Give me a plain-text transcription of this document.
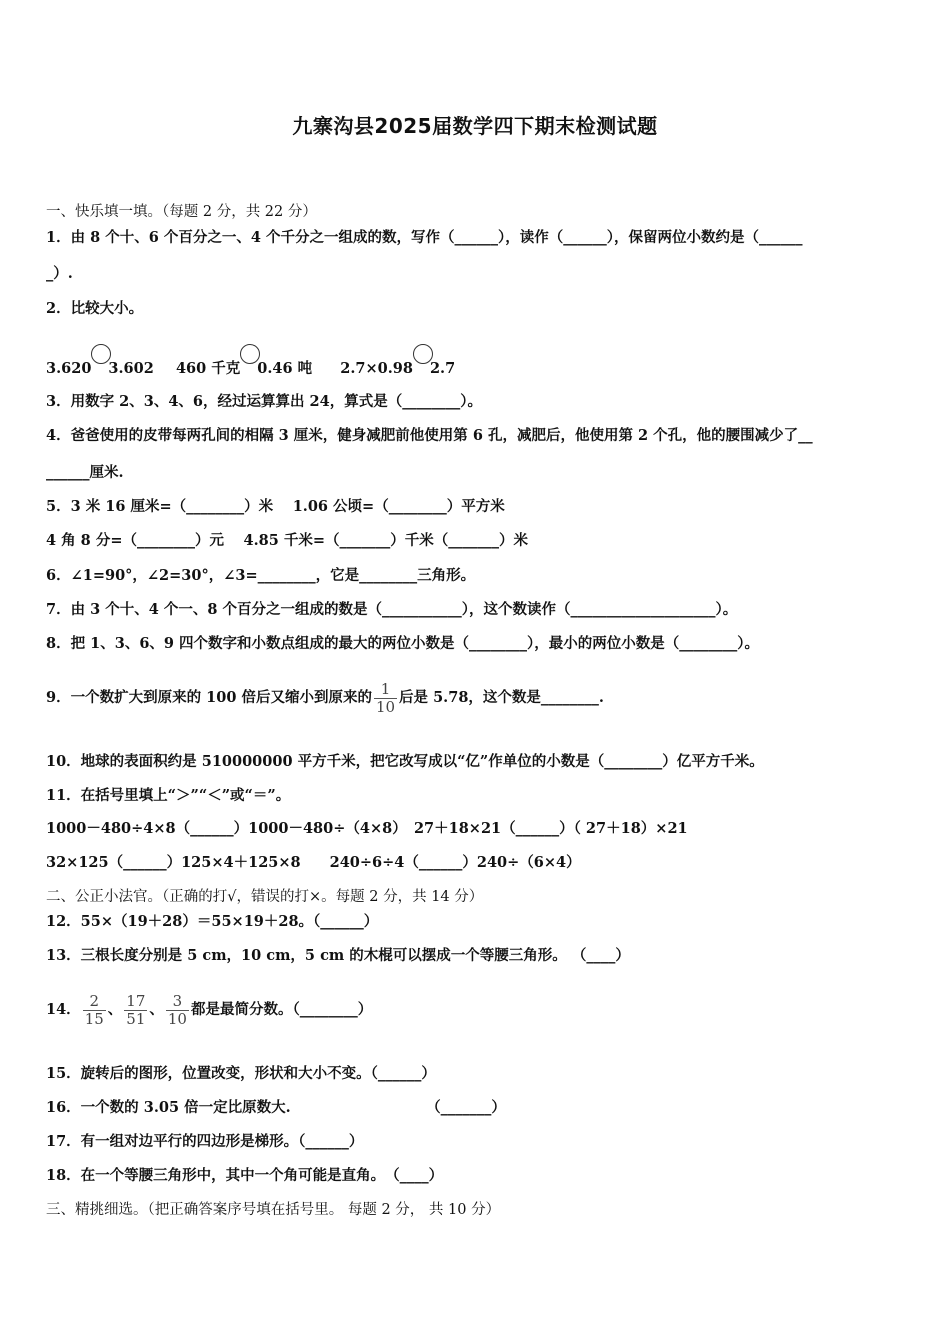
九寨沟县2025届数学四下期末检测试题
一、快乐填一填。（每题 2 分，共 22 分）
1．由 8 个十、6 个百分之一、4 个千分之一组成的数，写作（______），读作（______），保留两位小数约是（______
_）.
2．比较大小。
3.620 3.602 460 千克 0.46 吨 2.7×0.98 2.7
3．用数字 2、3、4、6，经过运算算出 24，算式是（________）。
4．爸爸使用的皮带每两孔间的相隔 3 厘米，健身减肥前他使用第 6 孔，减肥后，他使用第 2 个孔，他的腰围减少了__
______厘米.
5．3 米 16 厘米=（________）米　 1.06 公顷=（________）平方米
4 角 8 分=（________）元　 4.85 千米=（_______）千米（_______）米
6．∠1=90°，∠2=30°，∠3=________，它是________三角形。
7．由 3 个十、4 个一、8 个百分之一组成的数是（___________），这个数读作（____________________）。
8．把 1、3、6、9 四个数字和小数点组成的最大的两位小数是（________），最小的两位小数是（________）。
9．一个数扩大到原来的 100 倍后又缩小到原来的 $\frac{1}{10}$ 后是 5.78，这个数是________.
10．地球的表面积约是 510000000 平方千米，把它改写成以“亿”作单位的小数是（________）亿平方千米。
11．在括号里填上“＞”“＜”或“＝”。
1000－480÷4×8（______）1000－480÷（4×8）　27＋18×21（______）（ 27＋18）×21
32×125（______）125×4＋125×8　　240÷6÷4（______）240÷（6×4）
二、公正小法官。（正确的打√，错误的打×。每题 2 分，共 14 分）
12．55×（19＋28）＝55×19＋28。（______）
13．三根长度分别是 5 cm，10 cm，5 cm 的木棍可以摆成一个等腰三角形。 （____）
14． $\frac{2}{15}$ 、 $\frac{17}{51}$ 、 $\frac{3}{10}$ 都是最简分数。（________）
15．旋转后的图形，位置改变，形状和大小不变。（______）
16．一个数的 3.05 倍一定比原数大.　　　　　　　　　 （_______）
17．有一组对边平行的四边形是梯形。（______）
18．在一个等腰三角形中，其中一个角可能是直角。　（____）
三、精挑细选。（把正确答案序号填在括号里。 每题 2 分， 共 10 分）
